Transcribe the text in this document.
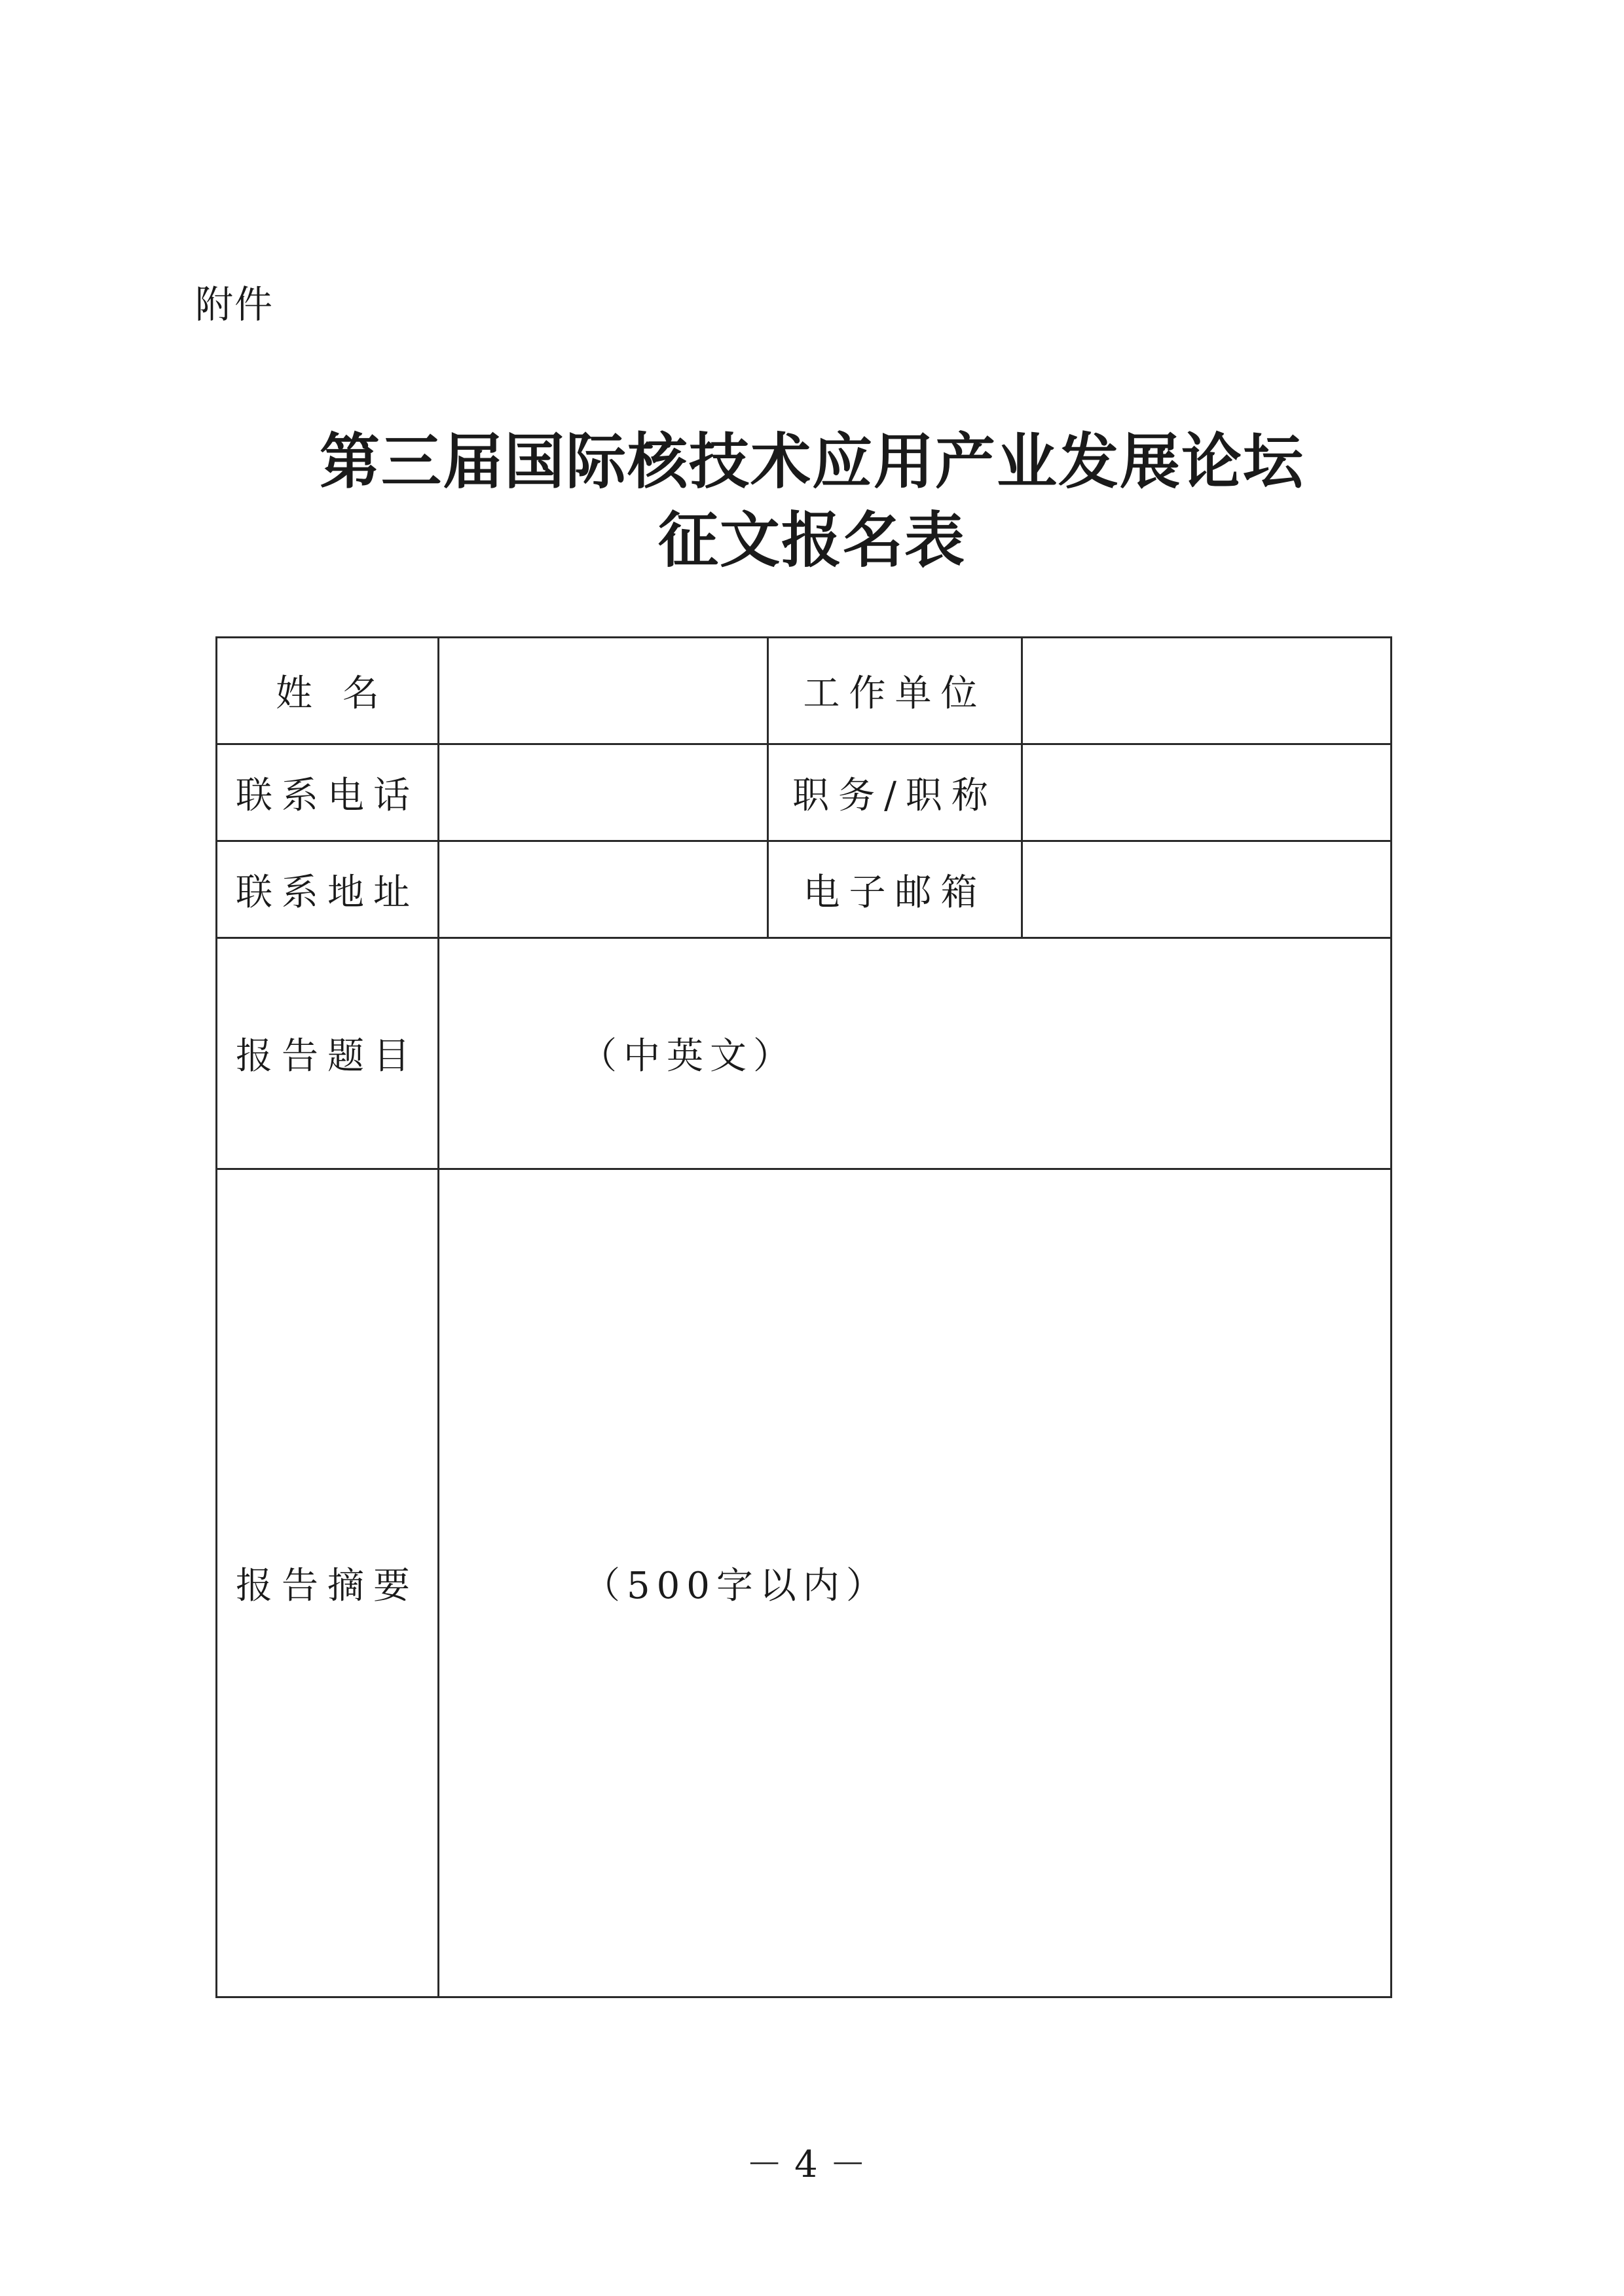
附件
第三届国际核技术应用产业发展论坛
征文报名表
姓名		工作单位	
联系电话		职务/职称	
联系地址		电子邮箱	
报告题目	（中英文）		
报告摘要	（500字以内）		
－4－
